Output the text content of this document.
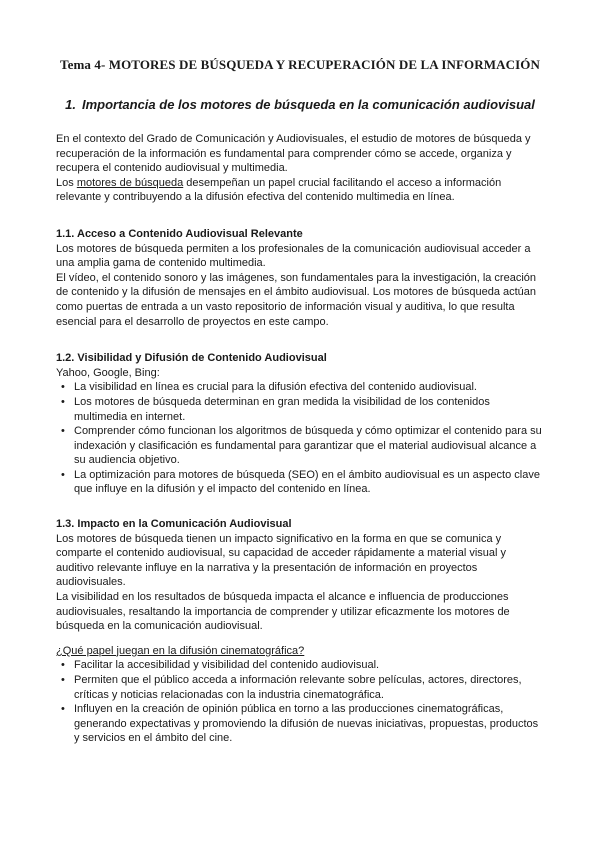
Tema 4- MOTORES DE BÚSQUEDA Y RECUPERACIÓN DE LA INFORMACIÓN
1. Importancia de los motores de búsqueda en la comunicación audiovisual

En el contexto del Grado de Comunicación y Audiovisuales, el estudio de motores de búsqueda y recuperación de la información es fundamental para comprender cómo se accede, organiza y recupera el contenido audiovisual y multimedia.

Los motores de búsqueda desempeñan un papel crucial facilitando el acceso a información relevante y contribuyendo a la difusión efectiva del contenido multimedia en línea.

1.1. Acceso a Contenido Audiovisual Relevante

Los motores de búsqueda permiten a los profesionales de la comunicación audiovisual acceder a una amplia gama de contenido multimedia.

El vídeo, el contenido sonoro y las imágenes, son fundamentales para la investigación, la creación de contenido y la difusión de mensajes en el ámbito audiovisual. Los motores de búsqueda actúan como puertas de entrada a un vasto repositorio de información visual y auditiva, lo que resulta esencial para el desarrollo de proyectos en este campo.

1.2. Visibilidad y Difusión de Contenido Audiovisual

Yahoo, Google, Bing:

• La visibilidad en línea es crucial para la difusión efectiva del contenido audiovisual.
• Los motores de búsqueda determinan en gran medida la visibilidad de los contenidos multimedia en internet.
• Comprender cómo funcionan los algoritmos de búsqueda y cómo optimizar el contenido para su indexación y clasificación es fundamental para garantizar que el material audiovisual alcance a su audiencia objetivo.
• La optimización para motores de búsqueda (SEO) en el ámbito audiovisual es un aspecto clave que influye en la difusión y el impacto del contenido en línea.

1.3. Impacto en la Comunicación Audiovisual

Los motores de búsqueda tienen un impacto significativo en la forma en que se comunica y comparte el contenido audiovisual, su capacidad de acceder rápidamente a material visual y auditivo relevante influye en la narrativa y la presentación de información en proyectos audiovisuales.

La visibilidad en los resultados de búsqueda impacta el alcance e influencia de producciones audiovisuales, resaltando la importancia de comprender y utilizar eficazmente los motores de búsqueda en la comunicación audiovisual.

¿Qué papel juegan en la difusión cinematográfica?

• Facilitar la accesibilidad y visibilidad del contenido audiovisual.
• Permiten que el público acceda a información relevante sobre películas, actores, directores, críticas y noticias relacionadas con la industria cinematográfica.
• Influyen en la creación de opinión pública en torno a las producciones cinematográficas, generando expectativas y promoviendo la difusión de nuevas iniciativas, propuestas, productos y servicios en el ámbito del cine.
